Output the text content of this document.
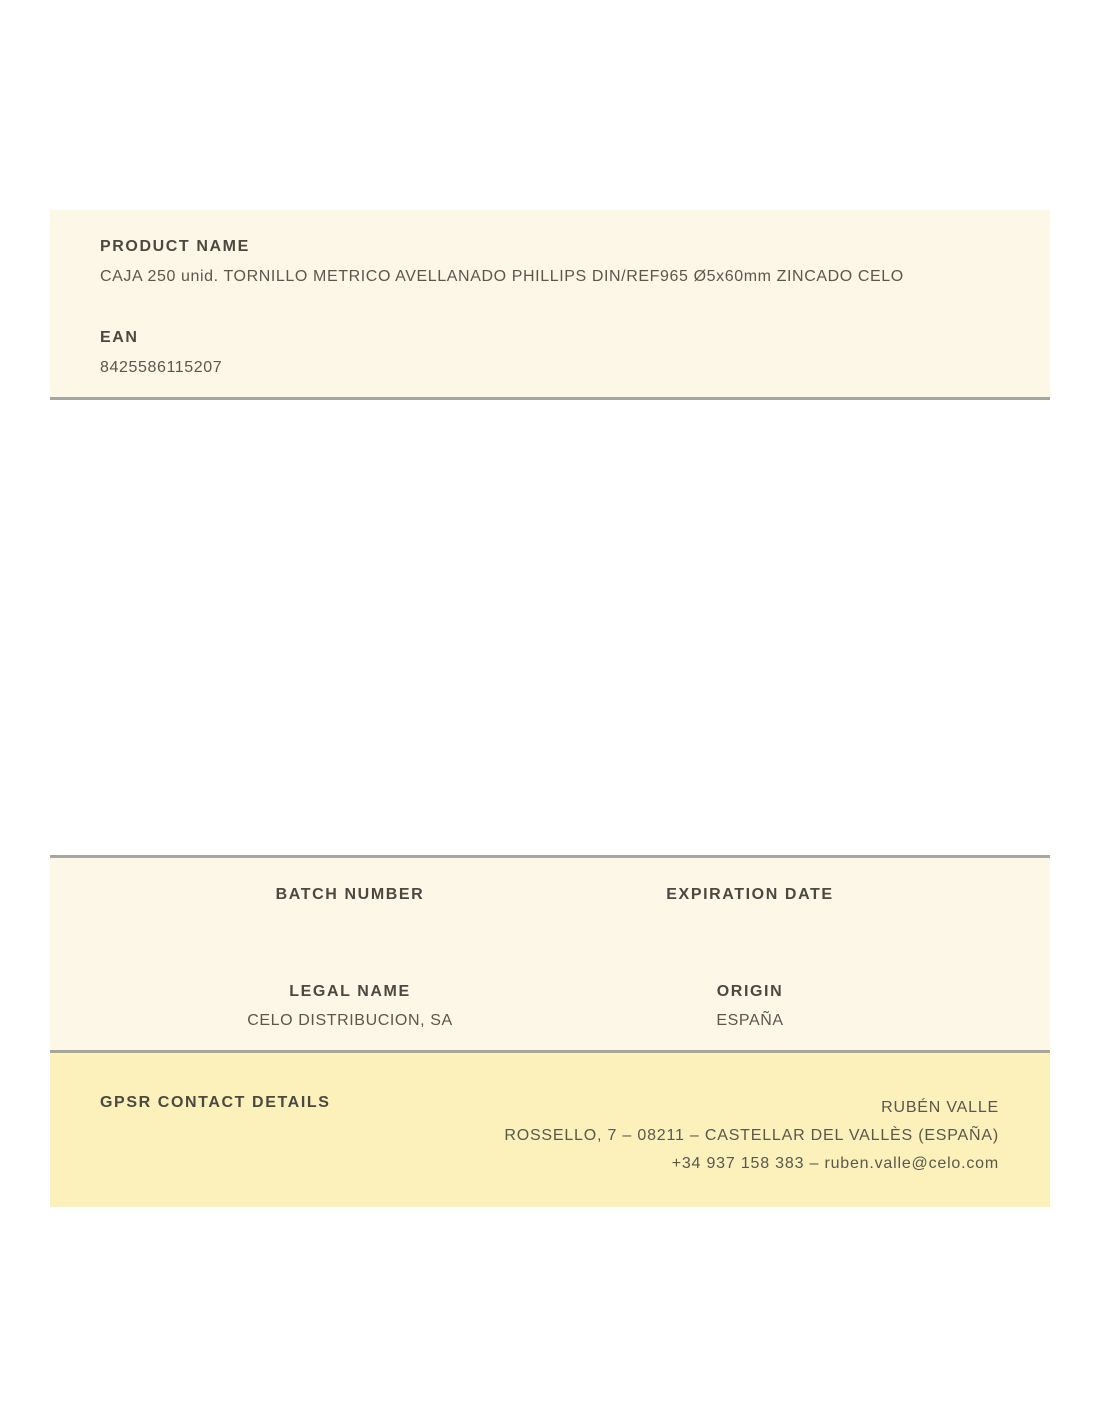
PRODUCT NAME
CAJA 250 unid. TORNILLO METRICO AVELLANADO PHILLIPS DIN/REF965 Ø5x60mm ZINCADO CELO
EAN
8425586115207
BATCH NUMBER	EXPIRATION DATE
LEGAL NAME
CELO DISTRIBUCION, SA
ORIGIN
ESPAÑA
GPSR CONTACT DETAILS	RUBÉN VALLE
ROSSELLO, 7 – 08211 – CASTELLAR DEL VALLÈS (ESPAÑA)
+34 937 158 383 – ruben.valle@celo.com
